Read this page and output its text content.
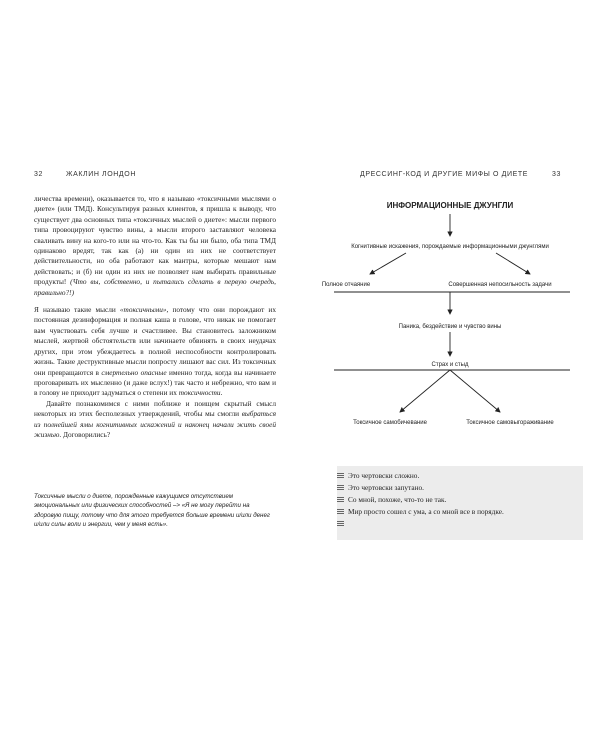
32	ЖАКЛИН ЛОНДОН

личества времени), оказывается то, что я называю «токсичными мыслями о диете» (или ТМД). Консультируя разных клиентов, я пришла к выводу, что существует два основных типа «токсичных мыслей о диете»: мысли первого типа провоцируют чувство вины, а мысли второго заставляют человека сваливать вину на кого-то или на что-то. Как ты бы ни было, оба типа ТМД одинаково вредят, так как (а) ни один из них не соответствует действительности, но оба работают как мантры, которые мешают нам действовать; и (б) ни один из них не позволяет нам выбирать правильные продукты! (Что вы, собственно, и пытались сделать в первую очередь, правильно?!)

Я называю такие мысли «токсичными», потому что они порождают их постоянная дезинформация и полная каша в голове, что никак не помогает вам чувствовать себя лучше и счастливее. Вы становитесь заложником мыслей, жертвой обстоятельств или начинаете обвинять в своих неудачах других, при этом убеждаетесь в полной неспособности контролировать жизнь. Такие деструктивные мысли попросту лишают вас сил. Из токсичных они превращаются в смертельно опасные именно тогда, когда вы начинаете проговаривать их мысленно (и даже вслух!) так часто и небрежно, что вам и в голову не приходит задуматься о степени их токсичности.

Давайте познакомимся с ними поближе и поищем скрытый смысл некоторых из этих бесполезных утверждений, чтобы мы смогли выбраться из полнейшей ямы когнитивных искажений и наконец начали жить своей жизнью. Договорились?

Токсичные мысли о диете, порожденные кажущимся отсутствием эмоциональных или физических способностей –> «Я не могу перейти на здоровую пищу, потому что для этого требуется больше времени и/или денег и/или силы воли и энергии, чем у меня есть».
ДРЕССИНГ-КОД И ДРУГИЕ МИФЫ О ДИЕТЕ	33
ИНФОРМАЦИОННЫЕ ДЖУНГЛИ
Когнитивные искажения, порождаемые информационными джунглями
Полное отчаяние	Совершенная непосильность задачи
Паника, бездействие и чувство вины
Страх и стыд
Токсичное самобичевание	Токсичное самовыгораживание
Это чертовски сложно.
Это чертовски запутано.
Со мной, похоже, что-то не так.
Мир просто сошел с ума, а со мной все в порядке.
